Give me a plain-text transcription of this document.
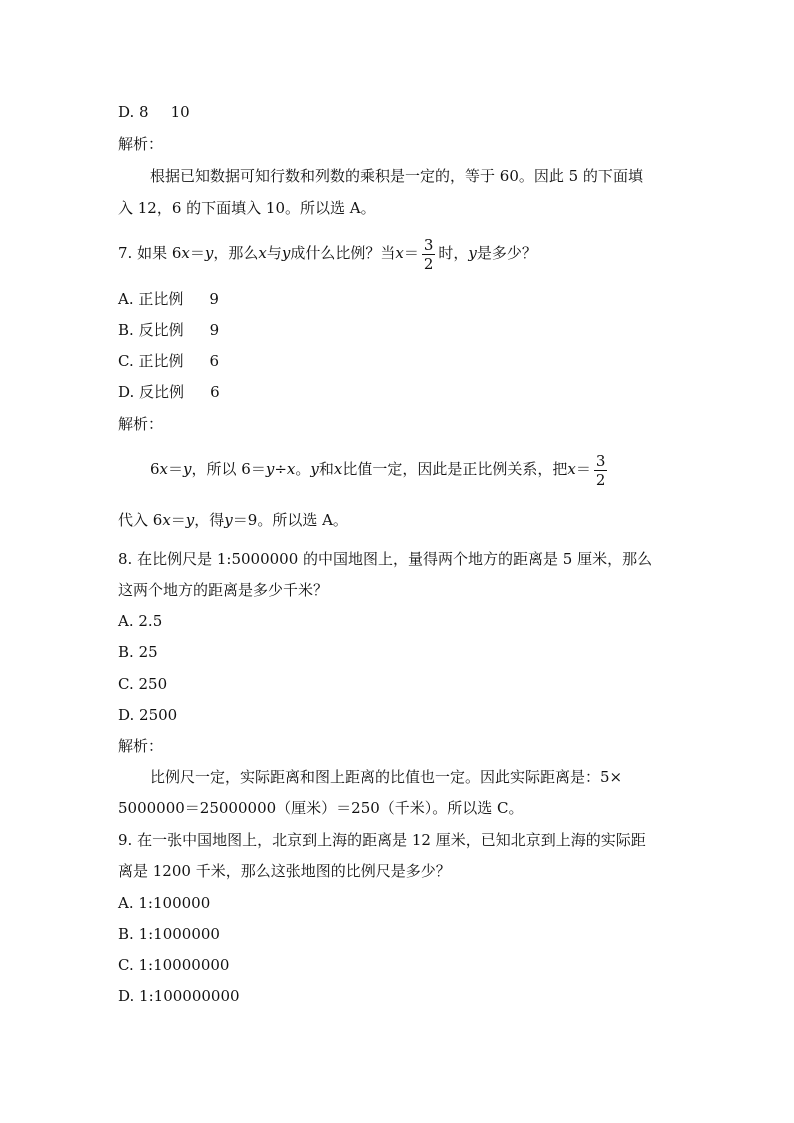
D. 8 10
解析：
根据已知数据可知行数和列数的乘积是一定的，等于 60。因此 5 的下面填
入 12，6 的下面填入 10。所以选 A。
7. 如果 6x＝y，那么x与y成什么比例？当$x= \frac{3}{2}$ 时，y是多少？
A. 正比例 9
B. 反比例 9
C. 正比例 6
D. 反比例 6
解析：
6x＝y，所以 6＝y÷x。y和x比值一定，因此是正比例关系，把$x= \frac{3}{2}$
代入 6x＝y，得y＝9。所以选 A。
8. 在比例尺是 1:5000000 的中国地图上，量得两个地方的距离是 5 厘米，那么
这两个地方的距离是多少千米？
A. 2.5
B. 25
C. 250
D. 2500
解析：
比例尺一定，实际距离和图上距离的比值也一定。因此实际距离是：5×
5000000＝25000000（厘米）＝250（千米）。所以选 C。
9. 在一张中国地图上，北京到上海的距离是 12 厘米，已知北京到上海的实际距
离是 1200 千米，那么这张地图的比例尺是多少？
A. 1:100000
B. 1:1000000
C. 1:10000000
D. 1:100000000
